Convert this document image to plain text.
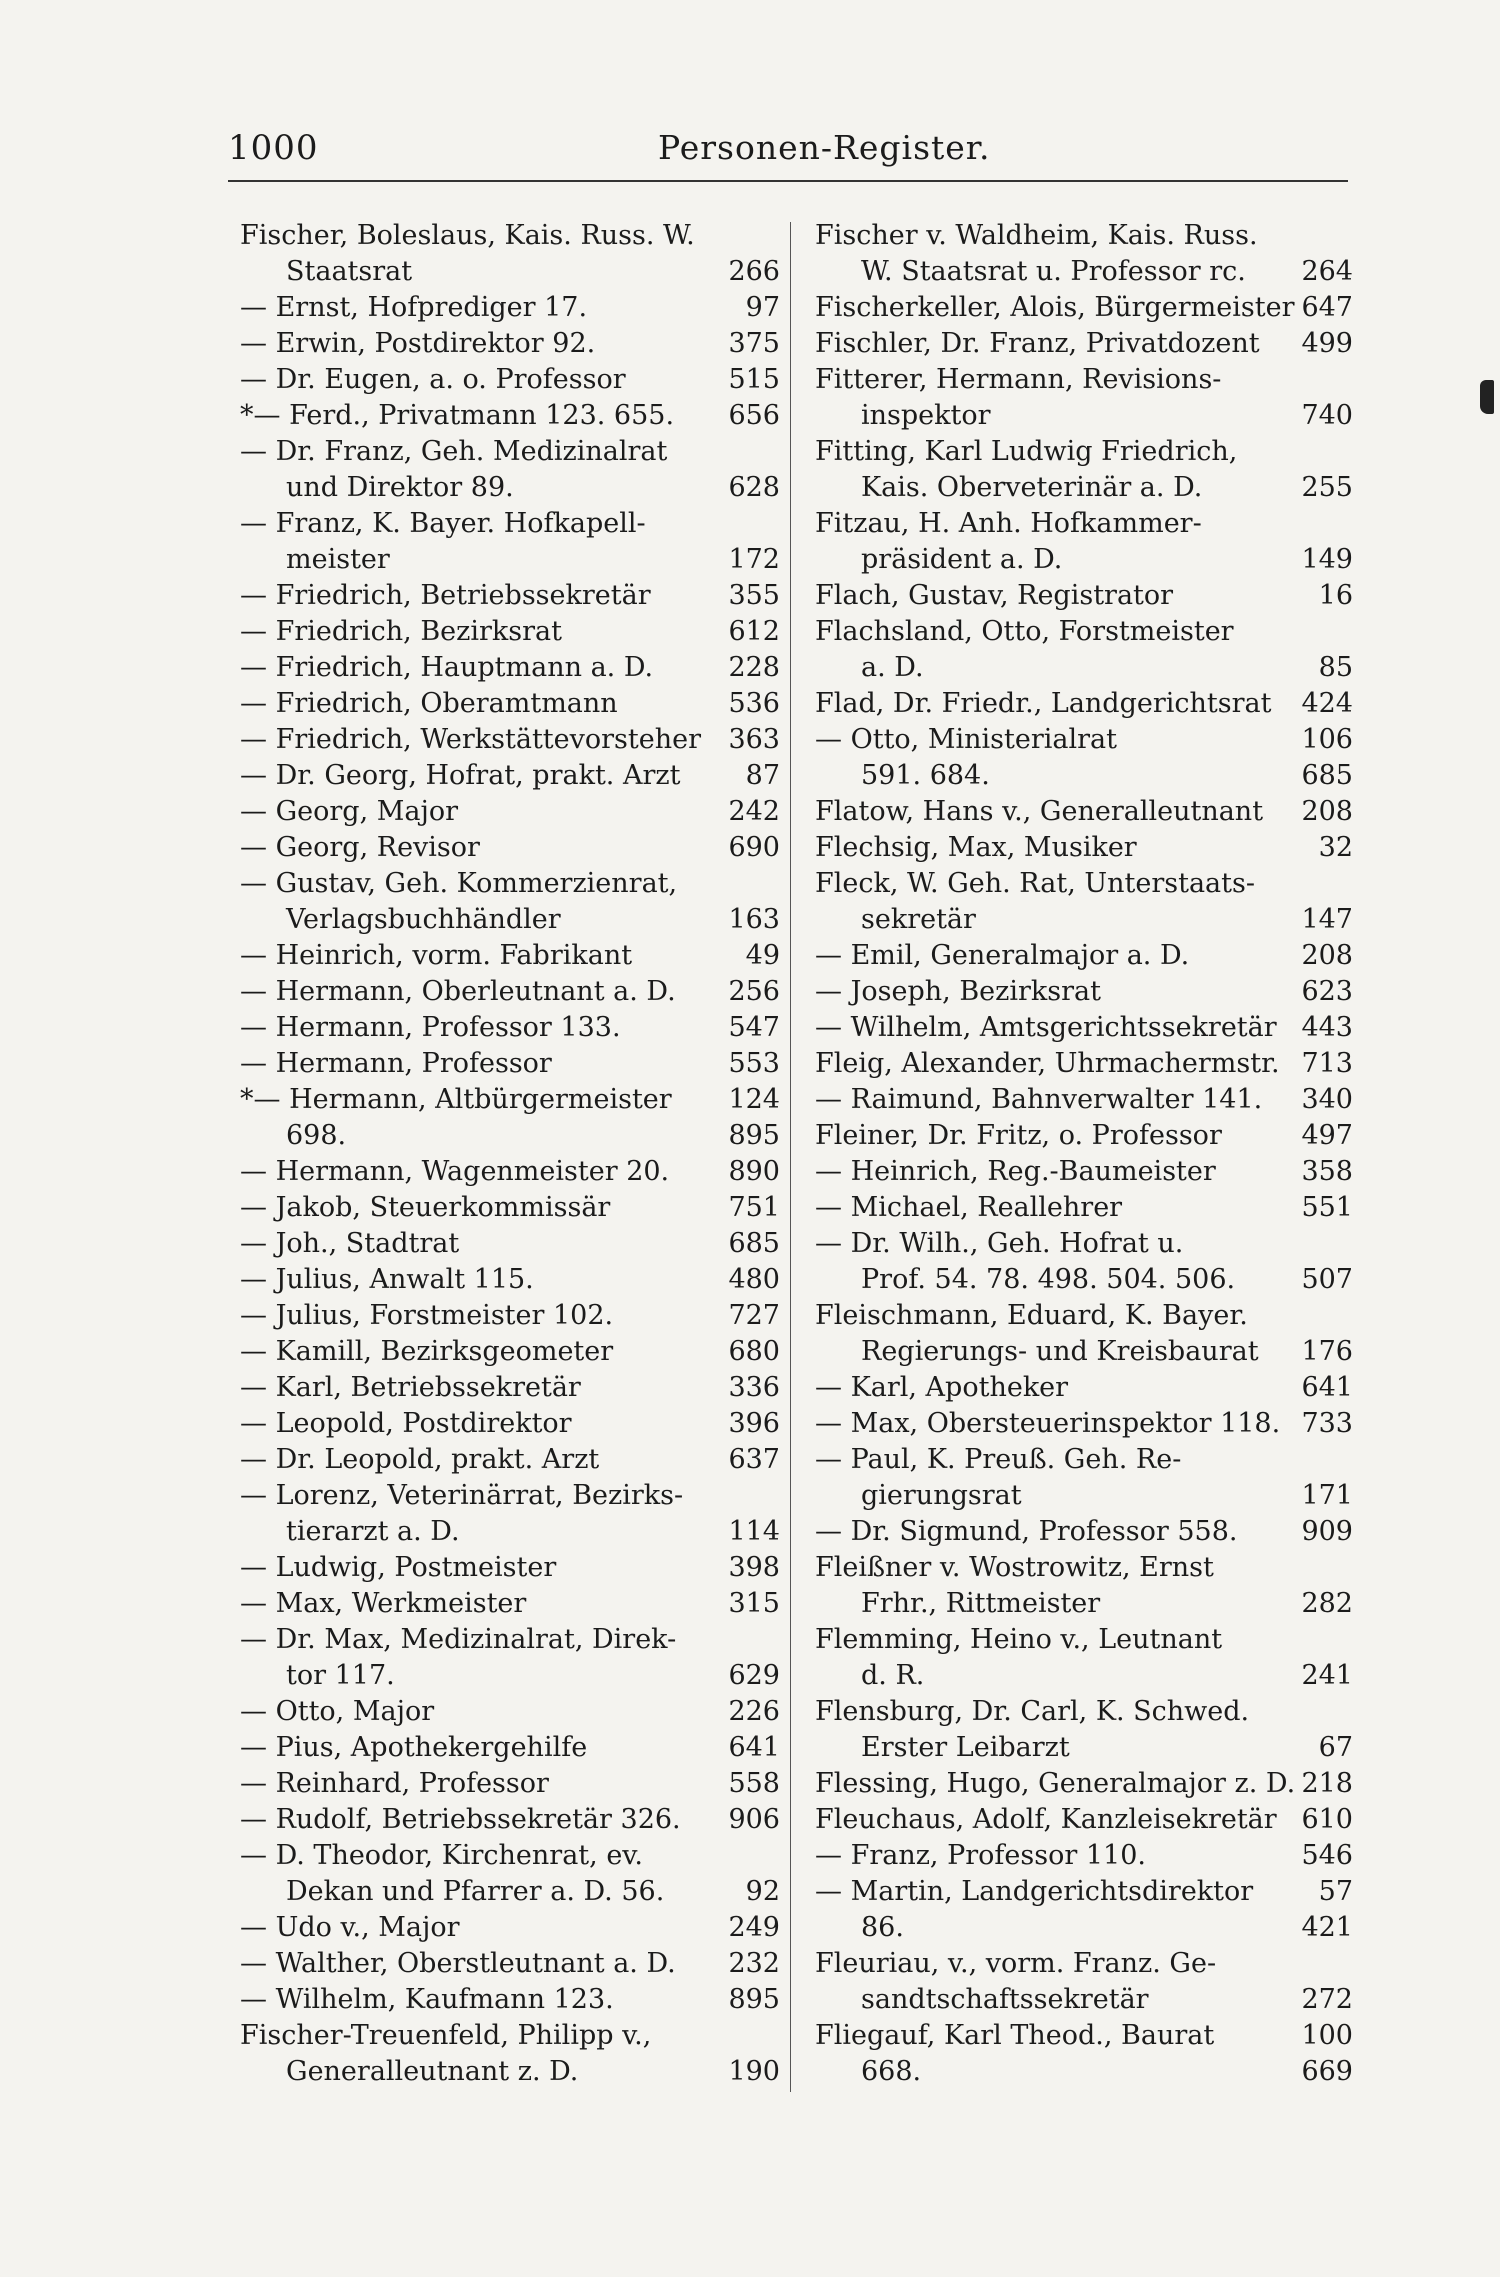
1000	Personen-Register.
Fischer, Boleslaus, Kais. Russ. W.
Staatsrat	266
— Ernst, Hofprediger 17.	97
— Erwin, Postdirektor 92.	375
— Dr. Eugen, a. o. Professor	515
*— Ferd., Privatmann 123. 655. 656
— Dr. Franz, Geh. Medizinalrat
und Direktor 89.	628
— Franz, K. Bayer. Hofkapell-
meister	172
— Friedrich, Betriebssekretär	355
— Friedrich, Bezirksrat	612
— Friedrich, Hauptmann a. D.	228
— Friedrich, Oberamtmann	536
— Friedrich, Werkstättevorsteher 363
— Dr. Georg, Hofrat, prakt. Arzt 87
— Georg, Major	242
— Georg, Revisor	690
— Gustav, Geh. Kommerzienrat,
Verlagsbuchhändler	163
— Heinrich, vorm. Fabrikant	49
— Hermann, Oberleutnant a. D. 256
— Hermann, Professor 133.	547
— Hermann, Professor	553
*— Hermann, Altbürgermeister 124
698.	895
— Hermann, Wagenmeister 20. 890
— Jakob, Steuerkommissär	751
— Joh., Stadtrat	685
— Julius, Anwalt 115.	480
— Julius, Forstmeister 102.	727
— Kamill, Bezirksgeometer	680
— Karl, Betriebssekretär	336
— Leopold, Postdirektor	396
— Dr. Leopold, prakt. Arzt	637
— Lorenz, Veterinärrat, Bezirks-
tierarzt a. D.	114
— Ludwig, Postmeister	398
— Max, Werkmeister	315
— Dr. Max, Medizinalrat, Direk-
tor 117.	629
— Otto, Major	226
— Pius, Apothekergehilfe	641
— Reinhard, Professor	558
— Rudolf, Betriebssekretär 326. 906
— D. Theodor, Kirchenrat, ev.
Dekan und Pfarrer a. D. 56.	92
— Udo v., Major	249
— Walther, Oberstleutnant a. D. 232
— Wilhelm, Kaufmann 123.	895
Fischer-Treuenfeld, Philipp v.,
Generalleutnant z. D.	190
Fischer v. Waldheim, Kais. Russ.
W. Staatsrat u. Professor rc. 264
Fischerkeller, Alois, Bürgermeister 647
Fischler, Dr. Franz, Privatdozent 499
Fitterer, Hermann, Revisions-
inspektor	740
Fitting, Karl Ludwig Friedrich,
Kais. Oberveterinär a. D.	255
Fitzau, H. Anh. Hofkammer-
präsident a. D.	149
Flach, Gustav, Registrator	16
Flachsland, Otto, Forstmeister
a. D.	85
Flad, Dr. Friedr., Landgerichtsrat 424
— Otto, Ministerialrat	106
591. 684.	685
Flatow, Hans v., Generalleutnant 208
Flechsig, Max, Musiker	32
Fleck, W. Geh. Rat, Unterstaats-
sekretär	147
— Emil, Generalmajor a. D.	208
— Joseph, Bezirksrat	623
— Wilhelm, Amtsgerichtssekretär 443
Fleig, Alexander, Uhrmachermstr. 713
— Raimund, Bahnverwalter 141. 340
Fleiner, Dr. Fritz, o. Professor	497
— Heinrich, Reg.-Baumeister	358
— Michael, Reallehrer	551
— Dr. Wilh., Geh. Hofrat u.
Prof. 54. 78. 498. 504. 506. 507
Fleischmann, Eduard, K. Bayer.
Regierungs- und Kreisbaurat 176
— Karl, Apotheker	641
— Max, Obersteuerinspektor 118. 733
— Paul, K. Preuß. Geh. Re-
gierungsrat	171
— Dr. Sigmund, Professor 558. 909
Fleißner v. Wostrowitz, Ernst
Frhr., Rittmeister	282
Flemming, Heino v., Leutnant
d. R.	241
Flensburg, Dr. Carl, K. Schwed.
Erster Leibarzt	67
Flessing, Hugo, Generalmajor z. D. 218
Fleuchaus, Adolf, Kanzleisekretär 610
— Franz, Professor 110.	546
— Martin, Landgerichtsdirektor 57
86.	421
Fleuriau, v., vorm. Franz. Ge-
sandtschaftssekretär	272
Fliegauf, Karl Theod., Baurat	100
668.	669
